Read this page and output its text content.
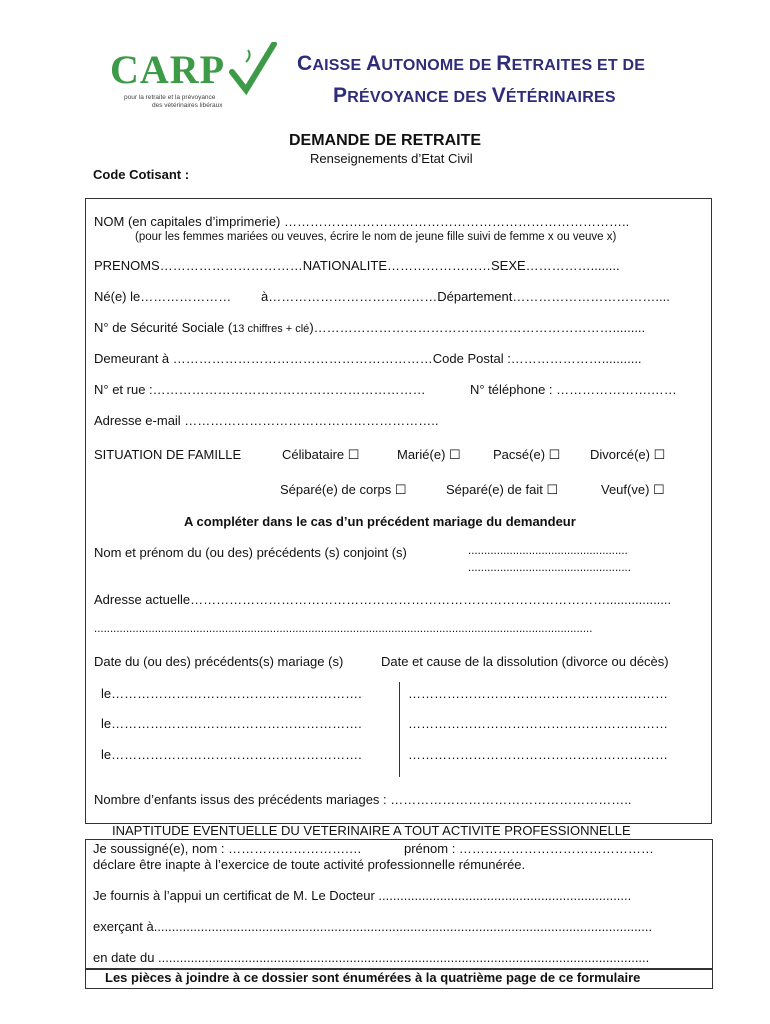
CARP
pour la retraite et la prévoyance
des vétérinaires libéraux
CAISSE AUTONOME DE RETRAITES ET DE
PRÉVOYANCE DES VÉTÉRINAIRES
DEMANDE DE RETRAITE
Renseignements d’Etat Civil
Code Cotisant :
NOM (en capitales d’imprimerie) ……………………………………………………………………..
(pour les femmes mariées ou veuves, écrire le nom de jeune fille suivi de femme x ou veuve x)
PRENOMS……………………………NATIONALITE……………………SEXE……………........
Né(e) le………………… à…………………………………Département……………………………....
N° de Sécurité Sociale (13 chiffres + clé)…………………………………………………………….........
Demeurant à ……………………………………………………Code Postal :…………………...........
N° et rue :………………………………………………………	N° téléphone : ………………….……
Adresse e-mail …………………………………………………..
SITUATION DE FAMILLE	Célibataire ☐	Marié(e) ☐ Pacsé(e) ☐ Divorcé(e) ☐
Séparé(e) de corps ☐	Séparé(e) de fait ☐	Veuf(ve) ☐
A compléter dans le cas d’un précédent mariage du demandeur
Nom et prénom du (ou des) précédents (s) conjoint (s)	..................................................
...................................................
Adresse actuelle……………………………………………………………………………………..................
............................................................................................................................................................
Date du (ou des) précédents(s) mariage (s)	Date et cause de la dissolution (divorce ou décès)
le………………………………………………….	……………………………………………………
le………………………………………………….	……………………………………………………
le………………………………………………….	……………………………………………………
Nombre d’enfants issus des précédents mariages : ………………………………………………..
INAPTITUDE EVENTUELLE DU VETERINAIRE A TOUT ACTIVITE PROFESSIONNELLE
Je soussigné(e), nom : ……………………….…	prénom : ………………………………………
déclare être inapte à l’exercice de toute activité professionnelle rémunérée.
Je fournis à l’appui un certificat de M. Le Docteur ......................................................................
exerçant à..........................................................................................................................................
en date du ........................................................................................................................................
Les pièces à joindre à ce dossier sont énumérées à la quatrième page de ce formulaire
